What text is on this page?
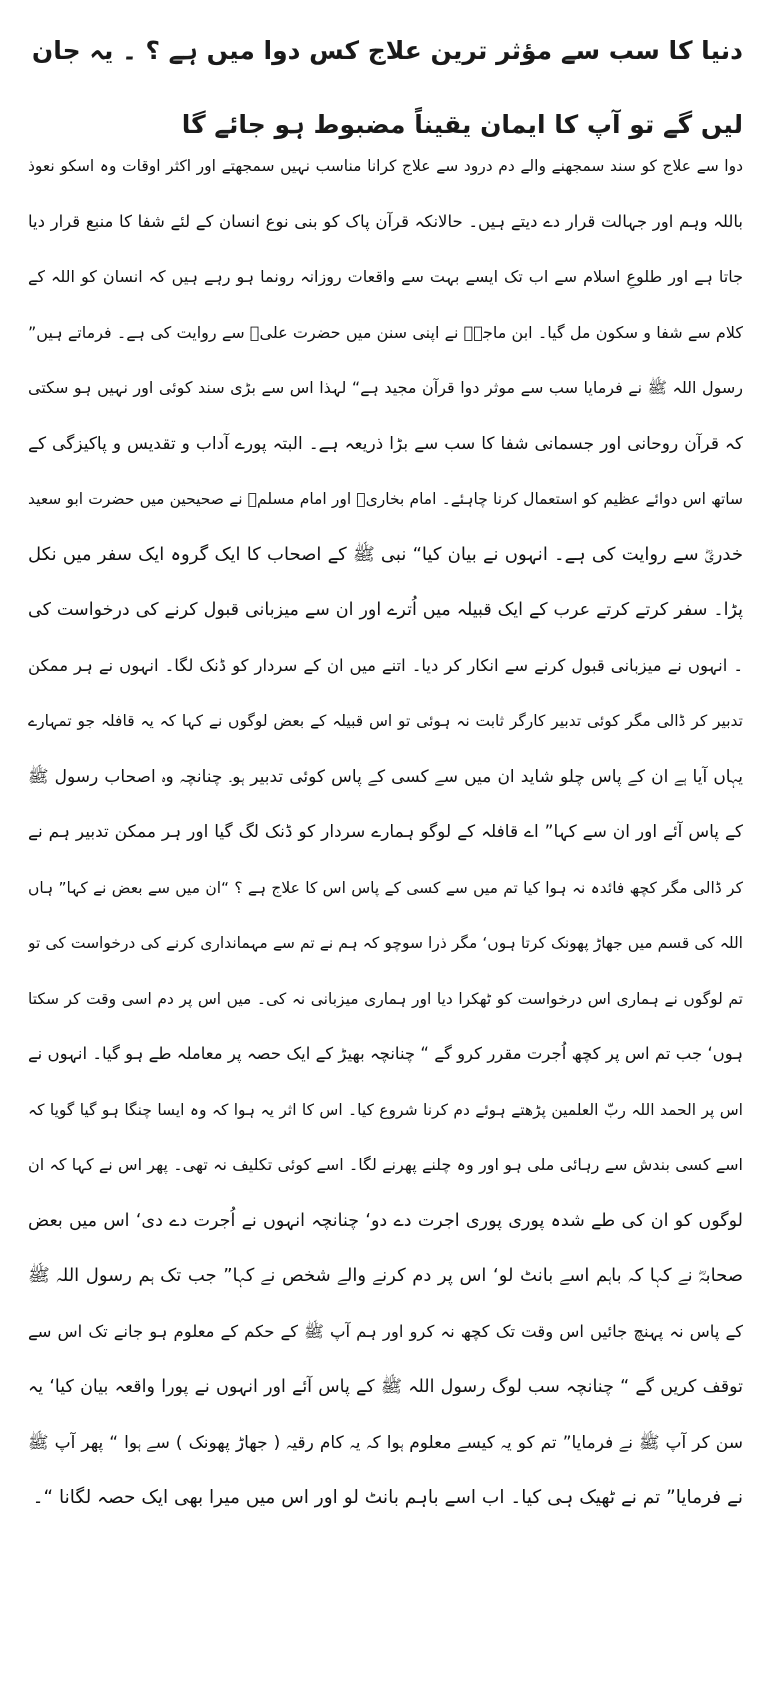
دنیا کا سب سے مؤثر ترین علاج کس دوا میں ہے ؟ ۔ یہ جان لیں گے تو آپ کا ایمان یقیناً مضبوط ہو جائے گا
دوا سے علاج کو سند سمجھنے والے دم درود سے علاج کرانا مناسب نہیں سمجھتے اور اکثر اوقات وہ اسکو نعوذ
باللہ وہم اور جہالت قرار دے دیتے ہیں۔ حالانکہ قرآن پاک کو بنی نوع انسان کے لئے شفا کا منبع قرار دیا
جاتا ہے اور طلوعِ اسلام سے اب تک ایسے بہت سے واقعات روزانہ رونما ہو رہے ہیں کہ انسان کو اللہ کے
کلام سے شفا و سکون مل گیا۔ ابن ماجہؒ نے اپنی سنن میں حضرت علیؓ سے روایت کی ہے۔ فرماتے ہیں”
رسول اللہ ﷺ نے فرمایا سب سے موثر دوا قرآن مجید ہے“ لہذا اس سے بڑی سند کوئی اور نہیں ہو سکتی
کہ قرآن روحانی اور جسمانی شفا کا سب سے بڑا ذریعہ ہے۔ البتہ پورے آداب و تقدیس و پاکیزگی کے
ساتھ اس دوائے عظیم کو استعمال کرنا چاہئے۔ امام بخاریؒ اور امام مسلمؒ نے صحیحین میں حضرت ابو سعید
خدریؓ سے روایت کی ہے۔ انہوں نے بیان کیا“ نبی ﷺ کے اصحاب کا ایک گروہ ایک سفر میں نکل
پڑا۔ سفر کرتے کرتے عرب کے ایک قبیلہ میں اُترے اور ان سے میزبانی قبول کرنے کی درخواست کی
۔ انہوں نے میزبانی قبول کرنے سے انکار کر دیا۔ اتنے میں ان کے سردار کو ڈنک لگا۔ انہوں نے ہر ممکن
تدبیر کر ڈالی مگر کوئی تدبیر کارگر ثابت نہ ہوئی تو اس قبیلہ کے بعض لوگوں نے کہا کہ یہ قافلہ جو تمہارے
یہاں آیا ہے ان کے پاس چلو شاید ان میں سے کسی کے پاس کوئی تدبیر ہو۔ چنانچہ وہ اصحاب رسول ﷺ
کے پاس آئے اور ان سے کہا” اے قافلہ کے لوگو ہمارے سردار کو ڈنک لگ گیا اور ہر ممکن تدبیر ہم نے
کر ڈالی مگر کچھ فائدہ نہ ہوا کیا تم میں سے کسی کے پاس اس کا علاج ہے ؟ “ان میں سے بعض نے کہا” ہاں
اللہ کی قسم میں جھاڑ پھونک کرتا ہوں‘ مگر ذرا سوچو کہ ہم نے تم سے مہمانداری کرنے کی درخواست کی تو
تم لوگوں نے ہماری اس درخواست کو ٹھکرا دیا اور ہماری میزبانی نہ کی۔ میں اس پر دم اسی وقت کر سکتا
ہوں‘ جب تم اس پر کچھ اُجرت مقرر کرو گے “ چنانچہ بھیڑ کے ایک حصہ پر معاملہ طے ہو گیا۔ انہوں نے
اس پر الحمد اللہ ربّ العلمین پڑھتے ہوئے دم کرنا شروع کیا۔ اس کا اثر یہ ہوا کہ وہ ایسا چنگا ہو گیا گویا کہ
اسے کسی بندش سے رہائی ملی ہو اور وہ چلنے پھرنے لگا۔ اسے کوئی تکلیف نہ تھی۔ پھر اس نے کہا کہ ان
لوگوں کو ان کی طے شدہ پوری پوری اجرت دے دو‘ چنانچہ انہوں نے اُجرت دے دی‘ اس میں بعض
صحابہؓ نے کہا کہ باہم اسے بانٹ لو‘ اس پر دم کرنے والے شخص نے کہا” جب تک ہم رسول اللہ ﷺ
کے پاس نہ پہنچ جائیں اس وقت تک کچھ نہ کرو اور ہم آپ ﷺ کے حکم کے معلوم ہو جانے تک اس سے
توقف کریں گے “ چنانچہ سب لوگ رسول اللہ ﷺ کے پاس آئے اور انہوں نے پورا واقعہ بیان کیا‘ یہ
سن کر آپ ﷺ نے فرمایا” تم کو یہ کیسے معلوم ہوا کہ یہ کام رقیہ ( جھاڑ پھونک ) سے ہوا “ پھر آپ ﷺ
نے فرمایا” تم نے ٹھیک ہی کیا۔ اب اسے باہم بانٹ لو اور اس میں میرا بھی ایک حصہ لگانا “۔
